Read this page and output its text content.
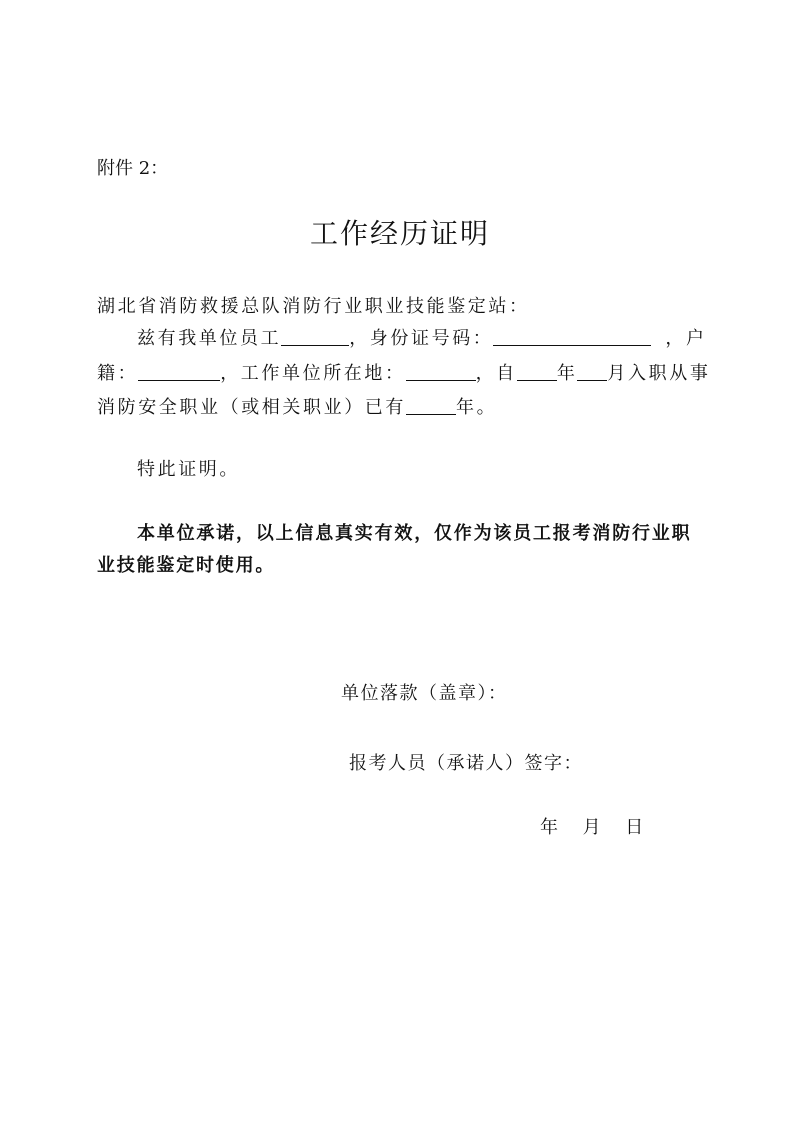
附件 2：
工作经历证明
湖北省消防救援总队消防行业职业技能鉴定站：
兹有我单位员工	，身份证号码：	，户
籍：	，工作单位所在地：	，自 年 月入职从事
消防安全职业（或相关职业）已有	年。
特此证明。
本单位承诺，以上信息真实有效，仅作为该员工报考消防行业职
业技能鉴定时使用。
单位落款（盖章）：
报考人员（承诺人）签字：
年 月 日
